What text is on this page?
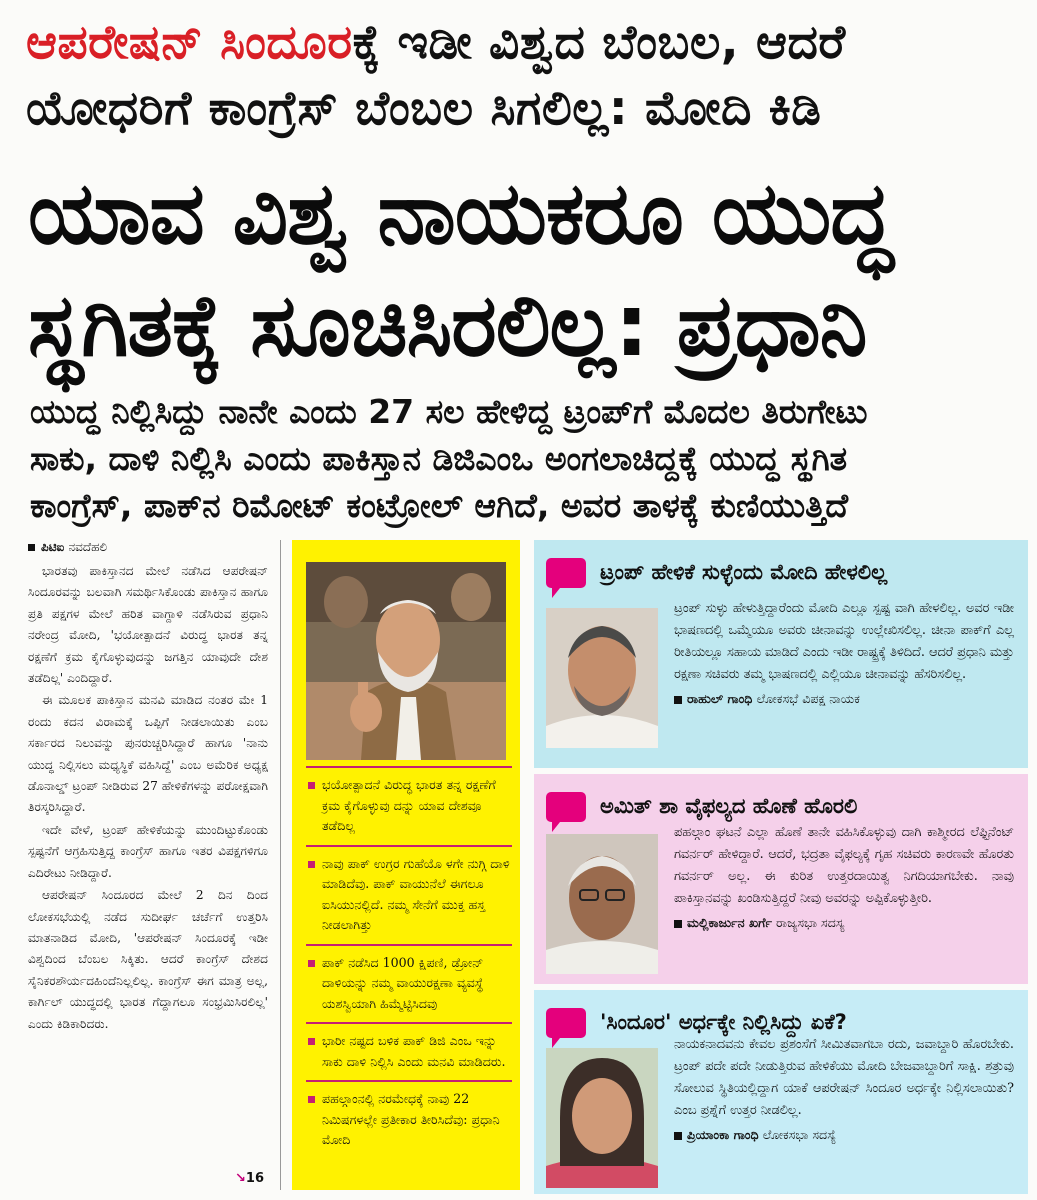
ಆಪರೇಷನ್ ಸಿಂದೂರಕ್ಕೆ ಇಡೀ ವಿಶ್ವದ ಬೆಂಬಲ, ಆದರೆ
ಯೋಧರಿಗೆ ಕಾಂಗ್ರೆಸ್ ಬೆಂಬಲ ಸಿಗಲಿಲ್ಲ: ಮೋದಿ ಕಿಡಿ
ಯಾವ ವಿಶ್ವ ನಾಯಕರೂ ಯುದ್ಧ
ಸ್ಥಗಿತಕ್ಕೆ ಸೂಚಿಸಿರಲಿಲ್ಲ: ಪ್ರಧಾನಿ
ಯುದ್ಧ ನಿಲ್ಲಿಸಿದ್ದು ನಾನೇ ಎಂದು 27 ಸಲ ಹೇಳಿದ್ದ ಟ್ರಂಪ್‌ಗೆ ಮೊದಲ ತಿರುಗೇಟು
ಸಾಕು, ದಾಳಿ ನಿಲ್ಲಿಸಿ ಎಂದು ಪಾಕಿಸ್ತಾನ ಡಿಜಿಎಂಒ ಅಂಗಲಾಚಿದ್ದಕ್ಕೆ ಯುದ್ಧ ಸ್ಥಗಿತ
ಕಾಂಗ್ರೆಸ್, ಪಾಕ್‌ನ ರಿಮೋಟ್ ಕಂಟ್ರೋಲ್ ಆಗಿದೆ, ಅವರ ತಾಳಕ್ಕೆ ಕುಣಿಯುತ್ತಿದೆ
ಪಿಟಿಐ ನವದೆಹಲಿ

ಭಾರತವು ಪಾಕಿಸ್ತಾನದ ಮೇಲೆ ನಡೆಸಿದ ಆಪರೇಷನ್ ಸಿಂದೂರವನ್ನು ಬಲವಾಗಿ ಸಮರ್ಥಿಸಿಕೊಂಡು ಪಾಕಿಸ್ತಾನ ಹಾಗೂ ಪ್ರತಿ ಪಕ್ಷಗಳ ಮೇಲೆ ಹರಿತ ವಾಗ್ದಾಳಿ ನಡೆಸಿರುವ ಪ್ರಧಾನಿ ನರೇಂದ್ರ ಮೋದಿ, 'ಭಯೋತ್ಪಾದನೆ ವಿರುದ್ಧ ಭಾರತ ತನ್ನ ರಕ್ಷಣೆಗೆ ಕ್ರಮ ಕೈಗೊಳ್ಳುವುದನ್ನು ಜಗತ್ತಿನ ಯಾವುದೇ ದೇಶ ತಡೆದಿಲ್ಲ' ಎಂದಿದ್ದಾರೆ.

ಈ ಮೂಲಕ ಪಾಕಿಸ್ತಾನ ಮನವಿ ಮಾಡಿದ ನಂತರ ಮೇ 1 ರಂದು ಕದನ ವಿರಾಮಕ್ಕೆ ಒಪ್ಪಿಗೆ ನೀಡಲಾಯಿತು ಎಂಬ ಸರ್ಕಾರದ ನಿಲುವನ್ನು ಪುನರುಚ್ಚರಿಸಿದ್ದಾರೆ ಹಾಗೂ 'ನಾನು ಯುದ್ಧ ನಿಲ್ಲಿಸಲು ಮಧ್ಯಸ್ಥಿಕೆ ವಹಿಸಿದ್ದೆ' ಎಂಬ ಅಮೆರಿಕ ಅಧ್ಯಕ್ಷ ಡೊನಾಲ್ಡ್ ಟ್ರಂಪ್ ನೀಡಿರುವ 27 ಹೇಳಿಕೆಗಳನ್ನು ಪರೋಕ್ಷವಾಗಿ ತಿರಸ್ಕರಿಸಿದ್ದಾರೆ.

ಇದೇ ವೇಳೆ, ಟ್ರಂಪ್ ಹೇಳಿಕೆಯನ್ನು ಮುಂದಿಟ್ಟುಕೊಂಡು ಸ್ಪಷ್ಟನೆಗೆ ಆಗ್ರಹಿಸುತ್ತಿದ್ದ ಕಾಂಗ್ರೆಸ್ ಹಾಗೂ ಇತರ ವಿಪಕ್ಷಗಳಿಗೂ ಎದಿರೇಟು ನೀಡಿದ್ದಾರೆ.

ಆಪರೇಷನ್ ಸಿಂದೂರದ ಮೇಲೆ 2 ದಿನ ದಿಂದ ಲೋಕಸಭೆಯಲ್ಲಿ ನಡೆದ ಸುದೀರ್ಘ ಚರ್ಚೆಗೆ ಉತ್ತರಿಸಿ ಮಾತನಾಡಿದ ಮೋದಿ, 'ಆಪರೇಷನ್ ಸಿಂದೂರಕ್ಕೆ ಇಡೀ ವಿಶ್ವದಿಂದ ಬೆಂಬಲ ಸಿಕ್ಕಿತು. ಆದರೆ ಕಾಂಗ್ರೆಸ್ ದೇಶದ ಸೈನಿಕರಶೌರ್ಯದಹಿಂದೆನಿಲ್ಲಲಿಲ್ಲ. ಕಾಂಗ್ರೆಸ್ ಈಗ ಮಾತ್ರ ಅಲ್ಲ, ಕಾರ್ಗಿಲ್ ಯುದ್ಧದಲ್ಲಿ ಭಾರತ ಗೆದ್ದಾಗಲೂ ಸಂಭ್ರಮಿಸಿರಲಿಲ್ಲ' ಎಂದು ಕಿಡಿಕಾರಿದರು.

↘16
ಭಯೋತ್ಪಾದನೆ ವಿರುದ್ಧ ಭಾರತ ತನ್ನ ರಕ್ಷಣೆಗೆ ಕ್ರಮ ಕೈಗೊಳ್ಳುವು ದನ್ನು ಯಾವ ದೇಶವೂ ತಡೆದಿಲ್ಲ
ನಾವು ಪಾಕ್ ಉಗ್ರರ ಗುಹೆಯೊ ಳಗೇ ನುಗ್ಗಿ ದಾಳಿ ಮಾಡಿದೆವು. ಪಾಕ್ ವಾಯುನೆಲೆ ಈಗಲೂ ಐಸಿಯುನಲ್ಲಿದೆ. ನಮ್ಮ ಸೇನೆಗೆ ಮುಕ್ತ ಹಸ್ತ ನೀಡಲಾಗಿತ್ತು
ಪಾಕ್ ನಡೆಸಿದ 1000 ಕ್ಷಿಪಣಿ, ಡ್ರೋನ್ ದಾಳಿಯನ್ನು ನಮ್ಮ ವಾಯುರಕ್ಷಣಾ ವ್ಯವಸ್ಥೆ ಯಶಸ್ವಿಯಾಗಿ ಹಿಮ್ಮೆಟ್ಟಿಸಿದವು
ಭಾರೀ ನಷ್ಟದ ಬಳಿಕ ಪಾಕ್ ಡಿಜಿ ಎಂಒ ಇನ್ನು ಸಾಕು ದಾಳಿ ನಿಲ್ಲಿಸಿ ಎಂದು ಮನವಿ ಮಾಡಿದರು.
ಪಹಲ್ಗಾಂನಲ್ಲಿ ನರಮೇಧಕ್ಕೆ ನಾವು 22 ನಿಮಿಷಗಳಲ್ಲೇ ಪ್ರತೀಕಾರ ತೀರಿಸಿದೆವು: ಪ್ರಧಾನಿ ಮೋದಿ
ಟ್ರಂಪ್ ಹೇಳಿಕೆ ಸುಳ್ಳೆಂದು ಮೋದಿ ಹೇಳಲಿಲ್ಲ
ಟ್ರಂಪ್ ಸುಳ್ಳು ಹೇಳುತ್ತಿದ್ದಾರೆಂದು ಮೋದಿ ಎಲ್ಲೂ ಸ್ಪಷ್ಟ ವಾಗಿ ಹೇಳಲಿಲ್ಲ. ಅವರ ಇಡೀ ಭಾಷಣದಲ್ಲಿ ಒಮ್ಮೆಯೂ ಅವರು ಚೀನಾವನ್ನು ಉಲ್ಲೇಖಿಸಲಿಲ್ಲ. ಚೀನಾ ಪಾಕ್‌ಗೆ ಎಲ್ಲ ರೀತಿಯಲ್ಲೂ ಸಹಾಯ ಮಾಡಿದೆ ಎಂದು ಇಡೀ ರಾಷ್ಟ್ರಕ್ಕೆ ತಿಳಿದಿದೆ. ಆದರೆ ಪ್ರಧಾನಿ ಮತ್ತು ರಕ್ಷಣಾ ಸಚಿವರು ತಮ್ಮ ಭಾಷಣದಲ್ಲಿ ಎಲ್ಲಿಯೂ ಚೀನಾವನ್ನು ಹೆಸರಿಸಲಿಲ್ಲ.
ರಾಹುಲ್ ಗಾಂಧಿ ಲೋಕಸಭೆ ವಿಪಕ್ಷ ನಾಯಕ
ಅಮಿತ್ ಶಾ ವೈಫಲ್ಯದ ಹೊಣೆ ಹೊರಲಿ
ಪಹಲ್ಗಾಂ ಘಟನೆ ಎಲ್ಲಾ ಹೊಣೆ ತಾನೇ ವಹಿಸಿಕೊಳ್ಳುವು ದಾಗಿ ಕಾಶ್ಮೀರದ ಲೆಫ್ಟಿನೆಂಟ್ ಗವರ್ನರ್ ಹೇಳಿದ್ದಾರೆ. ಆದರೆ, ಭದ್ರತಾ ವೈಫಲ್ಯಕ್ಕೆ ಗೃಹ ಸಚಿವರು ಕಾರಣವೇ ಹೊರತು ಗವರ್ನರ್ ಅಲ್ಲ. ಈ ಕುರಿತ ಉತ್ತರದಾಯಿತ್ವ ನಿಗದಿಯಾಗಬೇಕು. ನಾವು ಪಾಕಿಸ್ತಾನವನ್ನು ಖಂಡಿಸುತ್ತಿದ್ದರೆ ನೀವು ಅವರನ್ನು ಅಪ್ಪಿಕೊಳ್ಳುತ್ತೀರಿ.
ಮಲ್ಲಿಕಾರ್ಜುನ ಖರ್ಗೆ ರಾಜ್ಯಸಭಾ ಸದಸ್ಯ
'ಸಿಂದೂರ' ಅರ್ಧಕ್ಕೇ ನಿಲ್ಲಿಸಿದ್ದು ಏಕೆ?
ನಾಯಕನಾದವನು ಕೇವಲ ಪ್ರಶಂಸೆಗೆ ಸೀಮಿತವಾಗಬಾ ರದು, ಜವಾಬ್ದಾರಿ ಹೊರಬೇಕು. ಟ್ರಂಪ್ ಪದೇ ಪದೇ ನೀಡುತ್ತಿರುವ ಹೇಳಿಕೆಯು ಮೋದಿ ಬೇಜವಾಬ್ದಾರಿಗೆ ಸಾಕ್ಷಿ. ಶತ್ರುವು ಸೋಲುವ ಸ್ಥಿತಿಯಲ್ಲಿದ್ದಾಗ ಯಾಕೆ ಆಪರೇಷನ್ ಸಿಂದೂರ ಅರ್ಧಕ್ಕೇ ನಿಲ್ಲಿಸಲಾಯಿತು? ಎಂಬ ಪ್ರಶ್ನೆಗೆ ಉತ್ತರ ನೀಡಲಿಲ್ಲ.
ಪ್ರಿಯಾಂಕಾ ಗಾಂಧಿ ಲೋಕಸಭಾ ಸದಸ್ಯೆ
